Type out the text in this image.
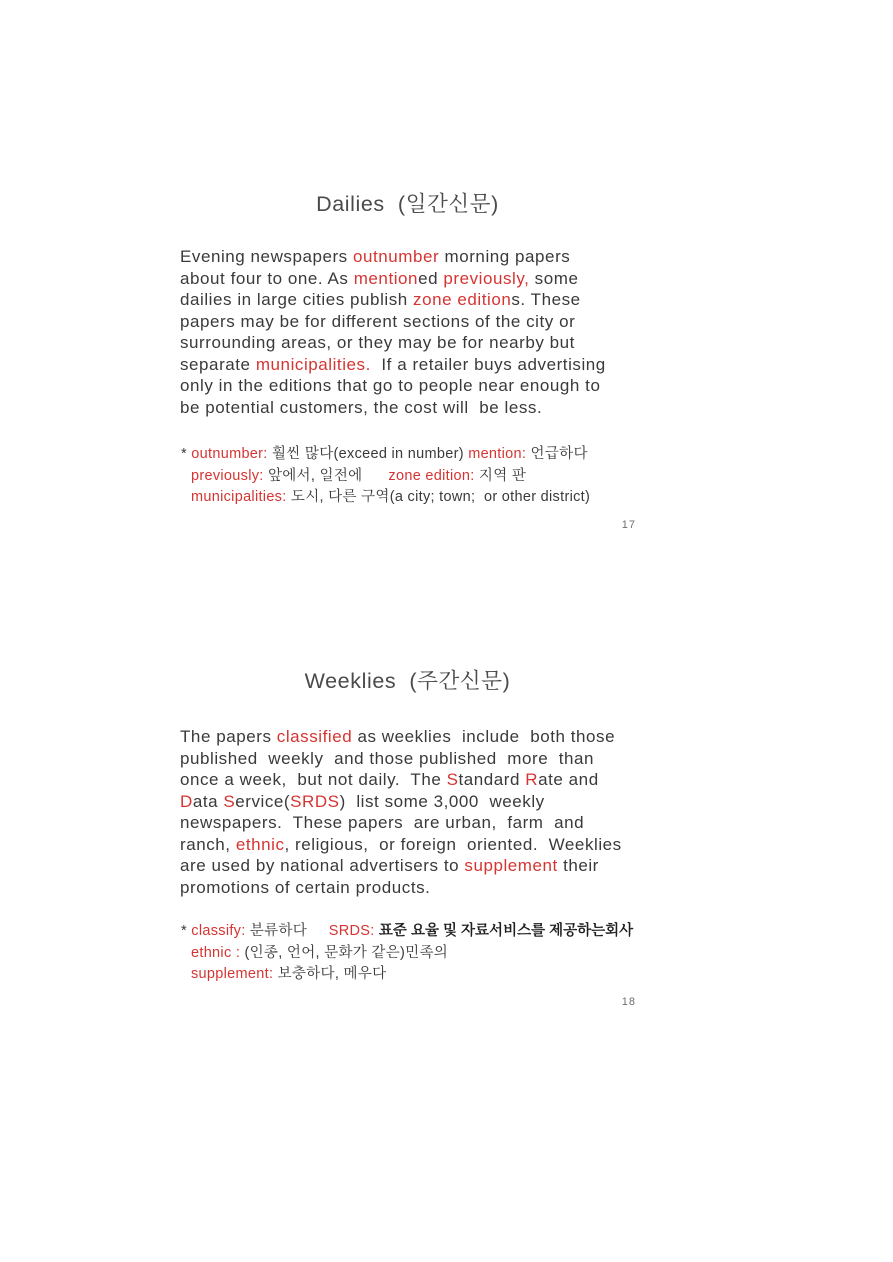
Dailies  (일간신문)
Evening newspapers outnumber morning papers
about four to one. As mentioned previously, some
dailies in large cities publish zone editions. These
papers may be for different sections of the city or
surrounding areas, or they may be for nearby but
separate municipalities.  If a retailer buys advertising
only in the editions that go to people near enough to
be potential customers, the cost will  be less.
* outnumber: 훨씬 많다(exceed in number) mention: 언급하다
previously: 앞에서, 일전에      zone edition: 지역 판
municipalities: 도시, 다른 구역(a city; town;  or other district)
17
Weeklies  (주간신문)
The papers classified as weeklies  include  both those
published  weekly  and those published  more  than
once a week,  but not daily.  The Standard Rate and
Data Service(SRDS)  list some 3,000  weekly
newspapers.  These papers  are urban,  farm  and
ranch, ethnic, religious,  or foreign  oriented.  Weeklies
are used by national advertisers to supplement their
promotions of certain products.
* classify: 분류하다     SRDS: 표준 요율 및 자료서비스를 제공하는회사
ethnic : (인종, 언어, 문화가 같은)민족의
supplement: 보충하다, 메우다
18
